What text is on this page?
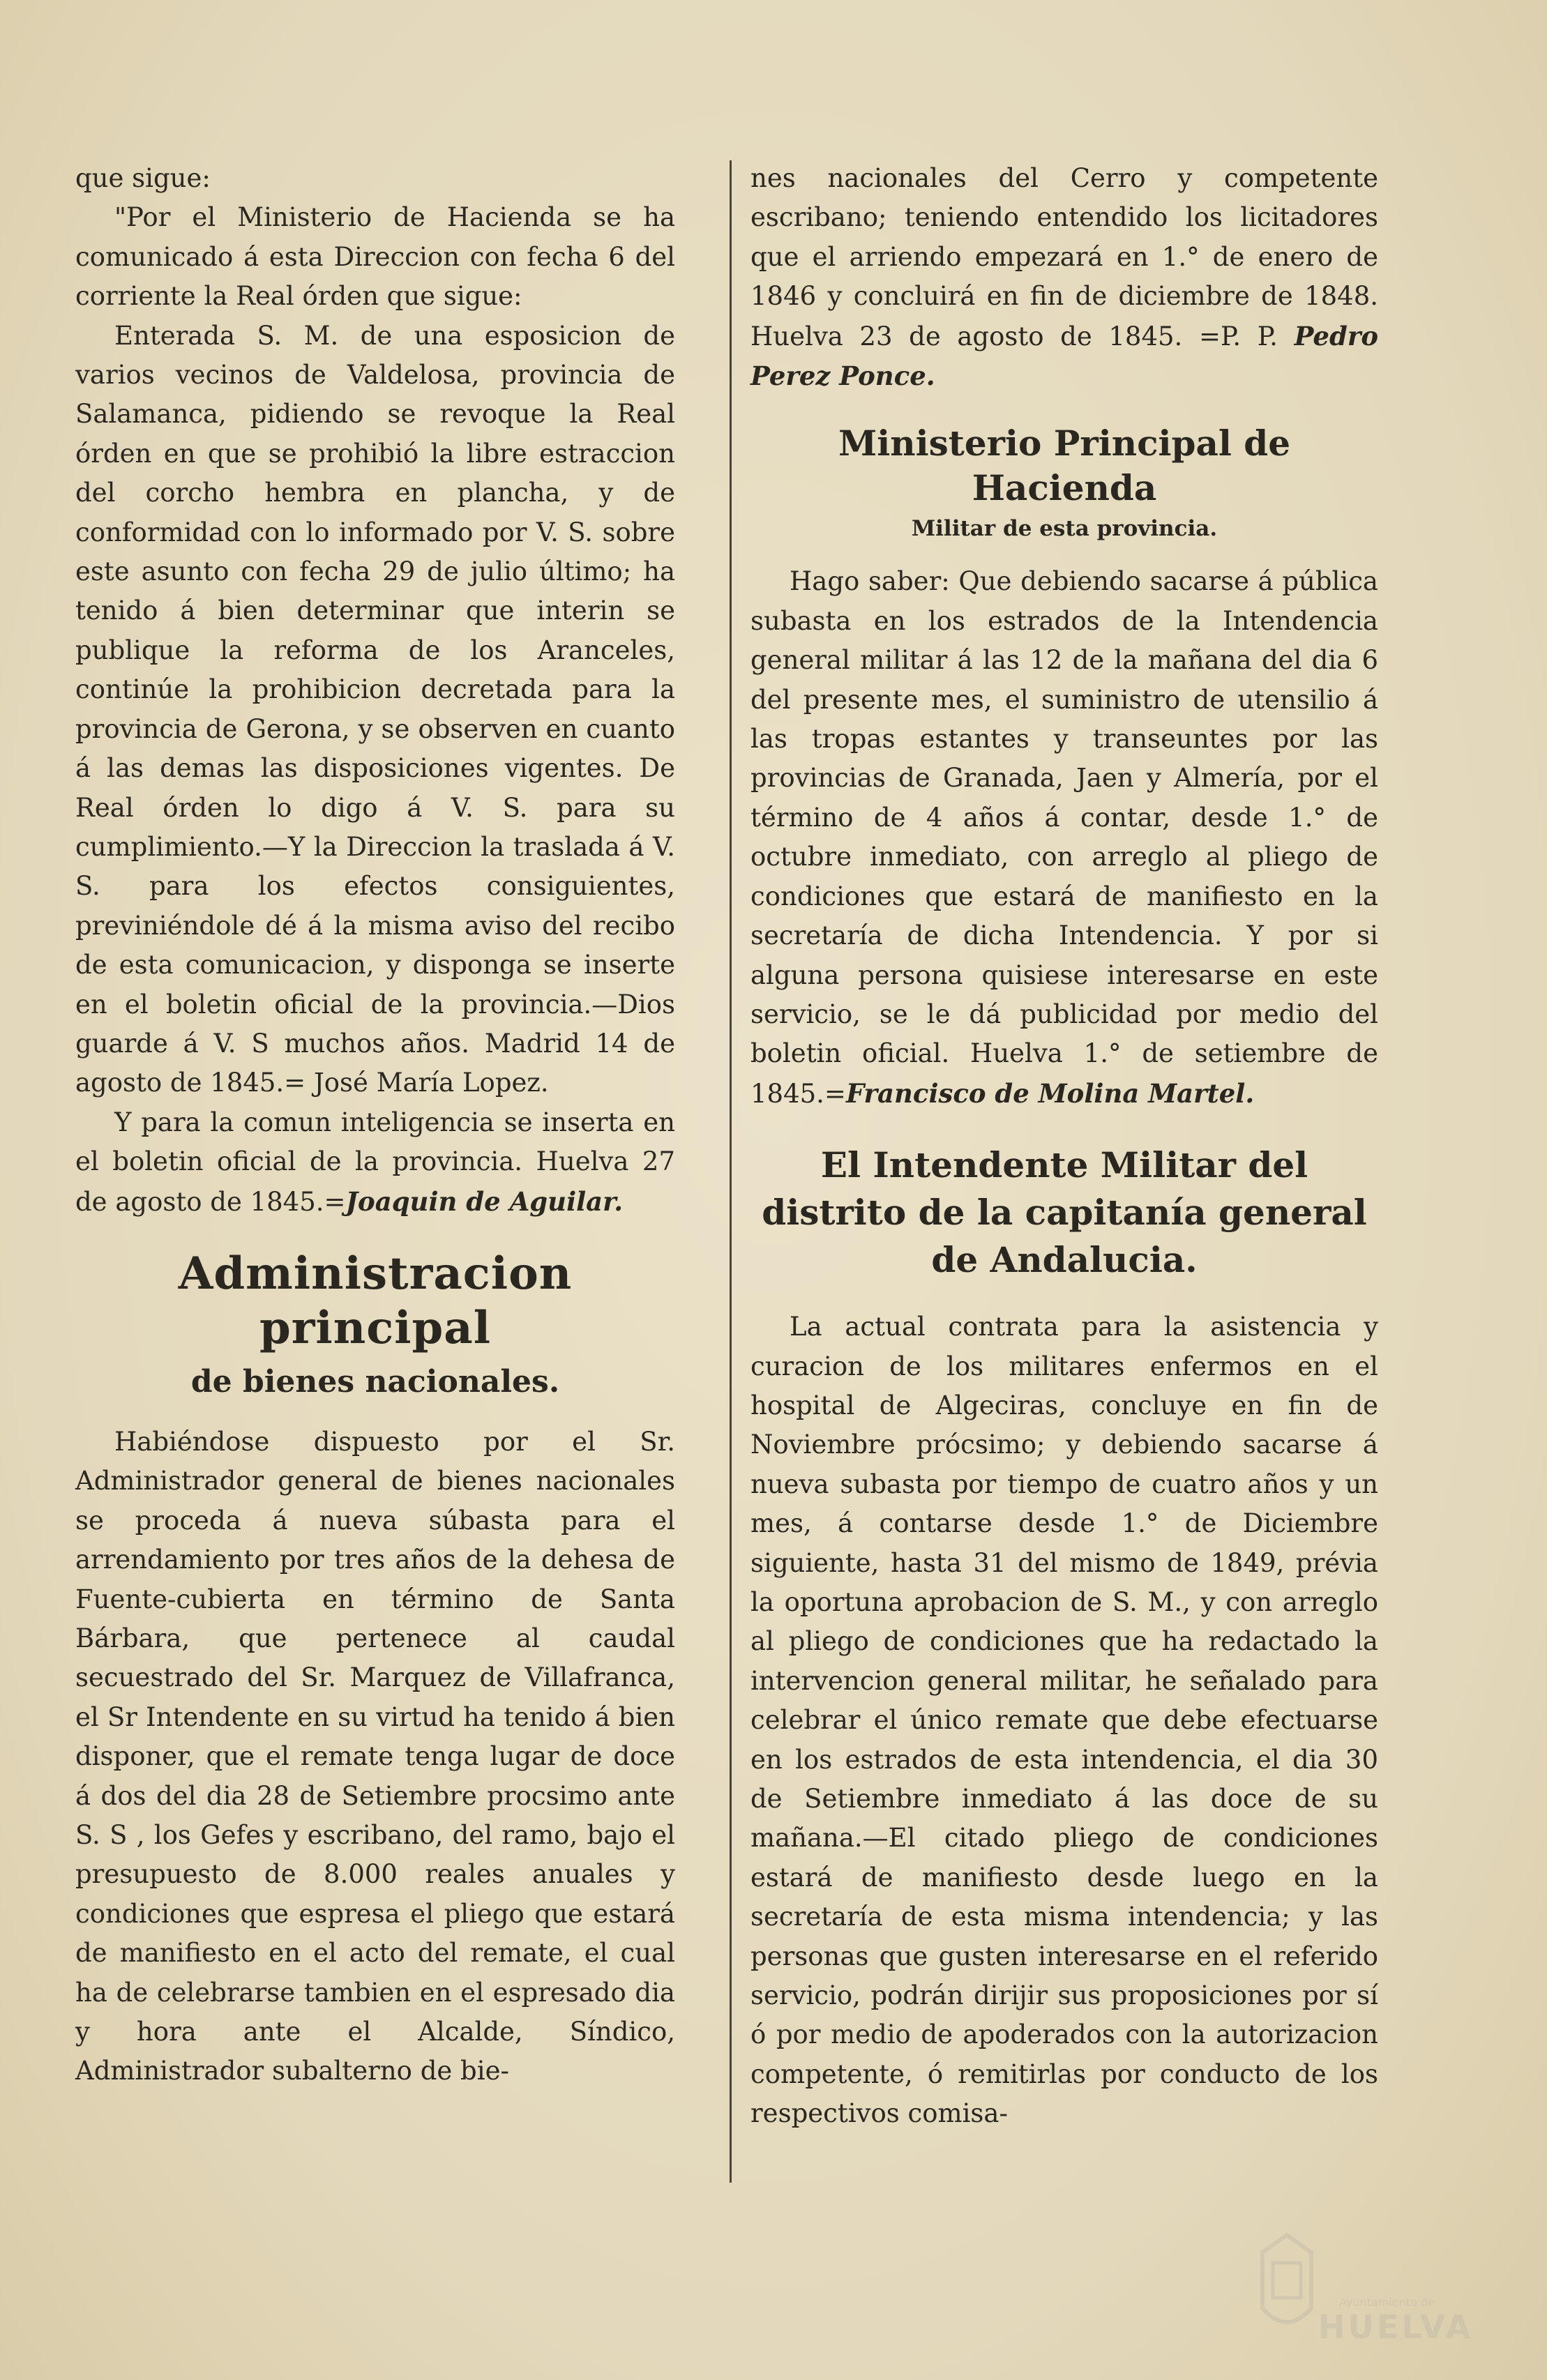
que sigue:

"Por el Ministerio de Hacienda se ha comunicado á esta Direccion con fecha 6 del corriente la Real órden que sigue:

Enterada S. M. de una esposicion de varios vecinos de Valdelosa, provincia de Salamanca, pidiendo se revoque la Real órden en que se prohibió la libre estraccion del corcho hembra en plancha, y de conformidad con lo informado por V. S. sobre este asunto con fecha 29 de julio último; ha tenido á bien determinar que interin se publique la reforma de los Aranceles, continúe la prohibicion decretada para la provincia de Gerona, y se observen en cuanto á las demas las disposiciones vigentes. De Real órden lo digo á V. S. para su cumplimiento.—Y la Direccion la traslada á V. S. para los efectos consiguientes, previniéndole dé á la misma aviso del recibo de esta comunicacion, y disponga se inserte en el boletin oficial de la provincia.—Dios guarde á V. S muchos años. Madrid 14 de agosto de 1845.= José María Lopez.

Y para la comun inteligencia se inserta en el boletin oficial de la provincia. Huelva 27 de agosto de 1845.=Joaquin de Aguilar.

Administracion principal
de bienes nacionales.

Habiéndose dispuesto por el Sr. Administrador general de bienes nacionales se proceda á nueva súbasta para el arrendamiento por tres años de la dehesa de Fuente-cubierta en término de Santa Bárbara, que pertenece al caudal secuestrado del Sr. Marquez de Villafranca, el Sr Intendente en su virtud ha tenido á bien disponer, que el remate tenga lugar de doce á dos del dia 28 de Setiembre procsimo ante S. S , los Gefes y escribano, del ramo, bajo el presupuesto de 8.000 reales anuales y condiciones que espresa el pliego que estará de manifiesto en el acto del remate, el cual ha de celebrarse tambien en el espresado dia y hora ante el Alcalde, Síndico, Administrador subalterno de bie-

nes nacionales del Cerro y competente escribano; teniendo entendido los licitadores que el arriendo empezará en 1.° de enero de 1846 y concluirá en fin de diciembre de 1848. Huelva 23 de agosto de 1845. =P. P. Pedro Perez Ponce.

Ministerio Principal de Hacienda
Militar de esta provincia.

Hago saber: Que debiendo sacarse á pública subasta en los estrados de la Intendencia general militar á las 12 de la mañana del dia 6 del presente mes, el suministro de utensilio á las tropas estantes y transeuntes por las provincias de Granada, Jaen y Almería, por el término de 4 años á contar, desde 1.° de octubre inmediato, con arreglo al pliego de condiciones que estará de manifiesto en la secretaría de dicha Intendencia. Y por si alguna persona quisiese interesarse en este servicio, se le dá publicidad por medio del boletin oficial. Huelva 1.° de setiembre de 1845.=Francisco de Molina Martel.

El Intendente Militar del distrito de la capitanía general de Andalucia.

La actual contrata para la asistencia y curacion de los militares enfermos en el hospital de Algeciras, concluye en fin de Noviembre prócsimo; y debiendo sacarse á nueva subasta por tiempo de cuatro años y un mes, á contarse desde 1.° de Diciembre siguiente, hasta 31 del mismo de 1849, prévia la oportuna aprobacion de S. M., y con arreglo al pliego de condiciones que ha redactado la intervencion general militar, he señalado para celebrar el único remate que debe efectuarse en los estrados de esta intendencia, el dia 30 de Setiembre inmediato á las doce de su mañana.—El citado pliego de condiciones estará de manifiesto desde luego en la secretaría de esta misma intendencia; y las personas que gusten interesarse en el referido servicio, podrán dirijir sus proposiciones por sí ó por medio de apoderados con la autorizacion competente, ó remitirlas por conducto de los respectivos comisa-

Ayuntamiento de
HUELVA
